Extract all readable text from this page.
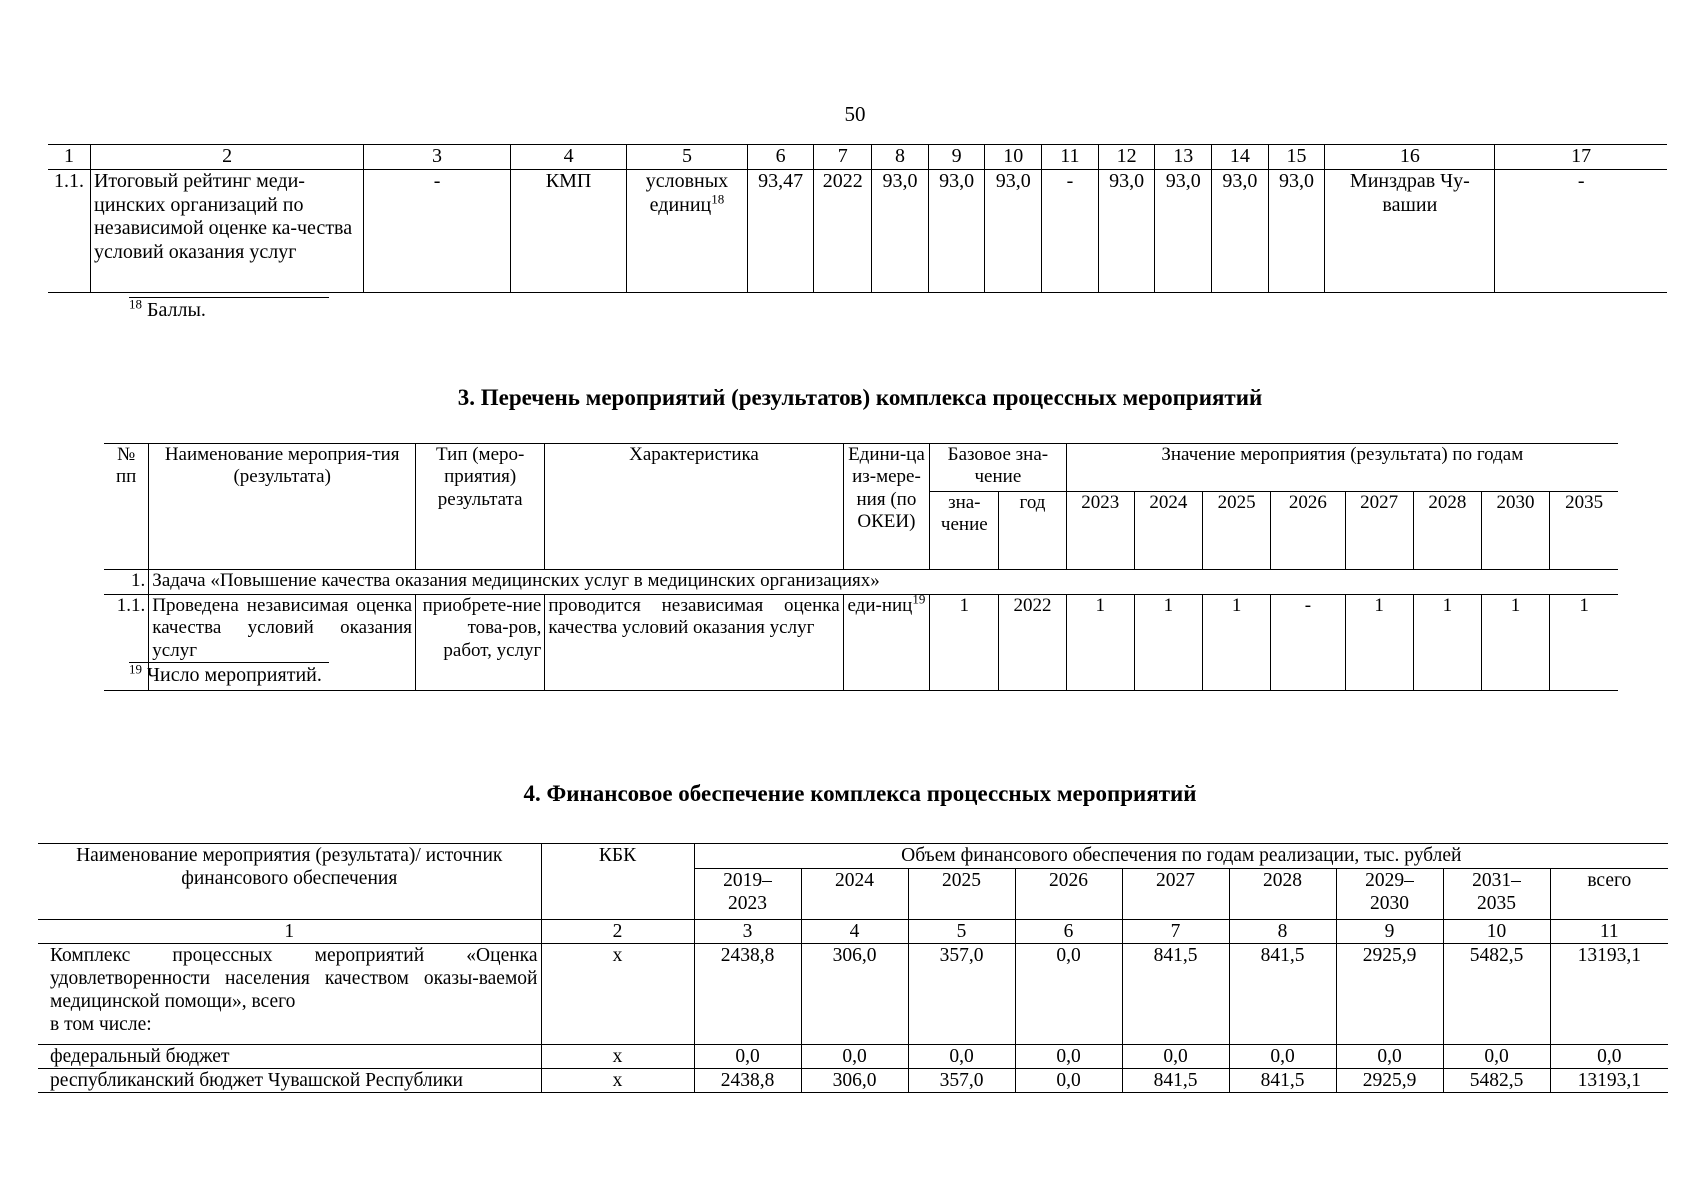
50
1	2	3	4	5	6	7	8	9	10	11	12	13	14	15	16	17
1.1.	Итоговый рейтинг меди-цинских организаций по независимой оценке ка-чества условий оказания услуг	-	КМП	условных единиц$^{18}$	93,47	2022	93,0	93,0	93,0	-	93,0	93,0	93,0	93,0	Минздрав Чу-вашии	-
$^{18}$ Баллы.
3. Перечень мероприятий (результатов) комплекса процессных мероприятий
№ пп	Наименование мероприя-тия (результата)	Тип (меро-приятия) результата	Характеристика	Едини-ца из-мере-ния (по ОКЕИ)	Базовое зна-чение		Значение мероприятия (результата) по годам							
					зна-чение	год	2023	2024	2025	2026	2027	2028	2030	2035
1.	Задача «Повышение качества оказания медицинских услуг в медицинских организациях»													
1.1.	Проведена независимая оценка качества условий оказания услуг	приобрете-ние това-ров, работ, услуг	проводится независимая оценка качества условий оказания услуг	еди-ниц$^{19}$	1	2022	1	1	1	-	1	1	1	1
$^{19}$ Число мероприятий.
4. Финансовое обеспечение комплекса процессных мероприятий
Наименование мероприятия (результата)/ источник финансового обеспечения	КБК	Объем финансового обеспечения по годам реализации, тыс. рублей								
		2019–2023	2024	2025	2026	2027	2028	2029–2030	2031–2035	всего
1	2	3	4	5	6	7	8	9	10	11

Комплекс процессных мероприятий «Оценка удовлетворенности населения качеством оказы-ваемой медицинской помощи», всего
в том числе:	х	2438,8	306,0	357,0	0,0	841,5	841,5	2925,9	5482,5	13193,1
федеральный бюджет	х	0,0	0,0	0,0	0,0	0,0	0,0	0,0	0,0	0,0
республиканский бюджет Чувашской Республики	х	2438,8	306,0	357,0	0,0	841,5	841,5	2925,9	5482,5	13193,1
